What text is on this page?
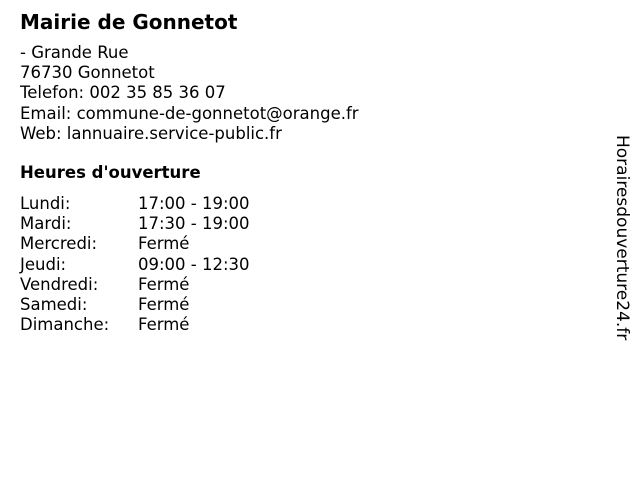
Mairie de Gonnetot
- Grande Rue
76730 Gonnetot
Telefon: 002 35 85 36 07
Email: commune-de-gonnetot@orange.fr
Web: lannuaire.service-public.fr
Heures d'ouverture
Lundi:	17:00 - 19:00
Mardi:	17:30 - 19:00
Mercredi:	Fermé
Jeudi:	09:00 - 12:30
Vendredi:	Fermé
Samedi:	Fermé
Dimanche:	Fermé	Horairesdouverture24.fr
